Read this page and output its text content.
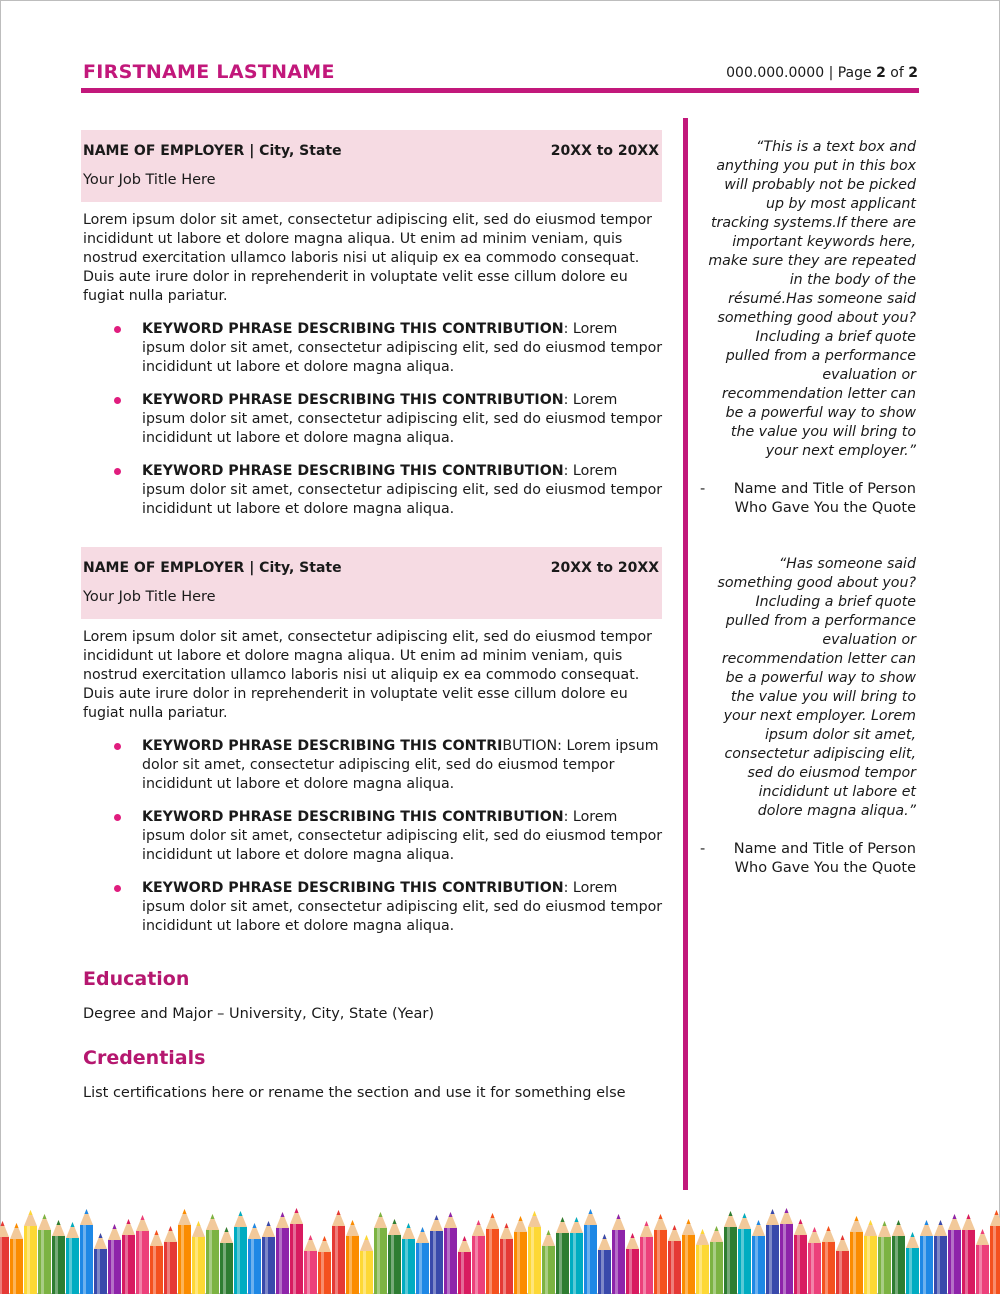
FIRSTNAME LASTNAME	000.000.0000 | Page 2 of 2
NAME OF EMPLOYER | City, State	20XX to 20XX
Your Job Title Here
Lorem ipsum dolor sit amet, consectetur adipiscing elit, sed do eiusmod tempor incididunt ut labore et dolore magna aliqua. Ut enim ad minim veniam, quis nostrud exercitation ullamco laboris nisi ut aliquip ex ea commodo consequat. Duis aute irure dolor in reprehenderit in voluptate velit esse cillum dolore eu fugiat nulla pariatur.
KEYWORD PHRASE DESCRIBING THIS CONTRIBUTION: Lorem ipsum dolor sit amet, consectetur adipiscing elit, sed do eiusmod tempor incididunt ut labore et dolore magna aliqua.
KEYWORD PHRASE DESCRIBING THIS CONTRIBUTION: Lorem ipsum dolor sit amet, consectetur adipiscing elit, sed do eiusmod tempor incididunt ut labore et dolore magna aliqua.
KEYWORD PHRASE DESCRIBING THIS CONTRIBUTION: Lorem ipsum dolor sit amet, consectetur adipiscing elit, sed do eiusmod tempor incididunt ut labore et dolore magna aliqua.
NAME OF EMPLOYER | City, State	20XX to 20XX
Your Job Title Here
Lorem ipsum dolor sit amet, consectetur adipiscing elit, sed do eiusmod tempor incididunt ut labore et dolore magna aliqua. Ut enim ad minim veniam, quis nostrud exercitation ullamco laboris nisi ut aliquip ex ea commodo consequat. Duis aute irure dolor in reprehenderit in voluptate velit esse cillum dolore eu fugiat nulla pariatur.
KEYWORD PHRASE DESCRIBING THIS CONTRIBUTION: Lorem ipsum dolor sit amet, consectetur adipiscing elit, sed do eiusmod tempor incididunt ut labore et dolore magna aliqua.
KEYWORD PHRASE DESCRIBING THIS CONTRIBUTION: Lorem ipsum dolor sit amet, consectetur adipiscing elit, sed do eiusmod tempor incididunt ut labore et dolore magna aliqua.
KEYWORD PHRASE DESCRIBING THIS CONTRIBUTION: Lorem ipsum dolor sit amet, consectetur adipiscing elit, sed do eiusmod tempor incididunt ut labore et dolore magna aliqua.
Education
Degree and Major – University, City, State (Year)
Credentials
List certifications here or rename the section and use it for something else
“This is a text box and
anything you put in this box
will probably not be picked
up by most applicant
tracking systems.If there are
important keywords here,
make sure they are repeated
in the body of the
résumé.Has someone said
something good about you?
Including a brief quote
pulled from a performance
evaluation or
recommendation letter can
be a powerful way to show
the value you will bring to
your next employer.”
-	Name and Title of Person
Who Gave You the Quote
“Has someone said
something good about you?
Including a brief quote
pulled from a performance
evaluation or
recommendation letter can
be a powerful way to show
the value you will bring to
your next employer. Lorem
ipsum dolor sit amet,
consectetur adipiscing elit,
sed do eiusmod tempor
incididunt ut labore et
dolore magna aliqua.”
-	Name and Title of Person
Who Gave You the Quote
